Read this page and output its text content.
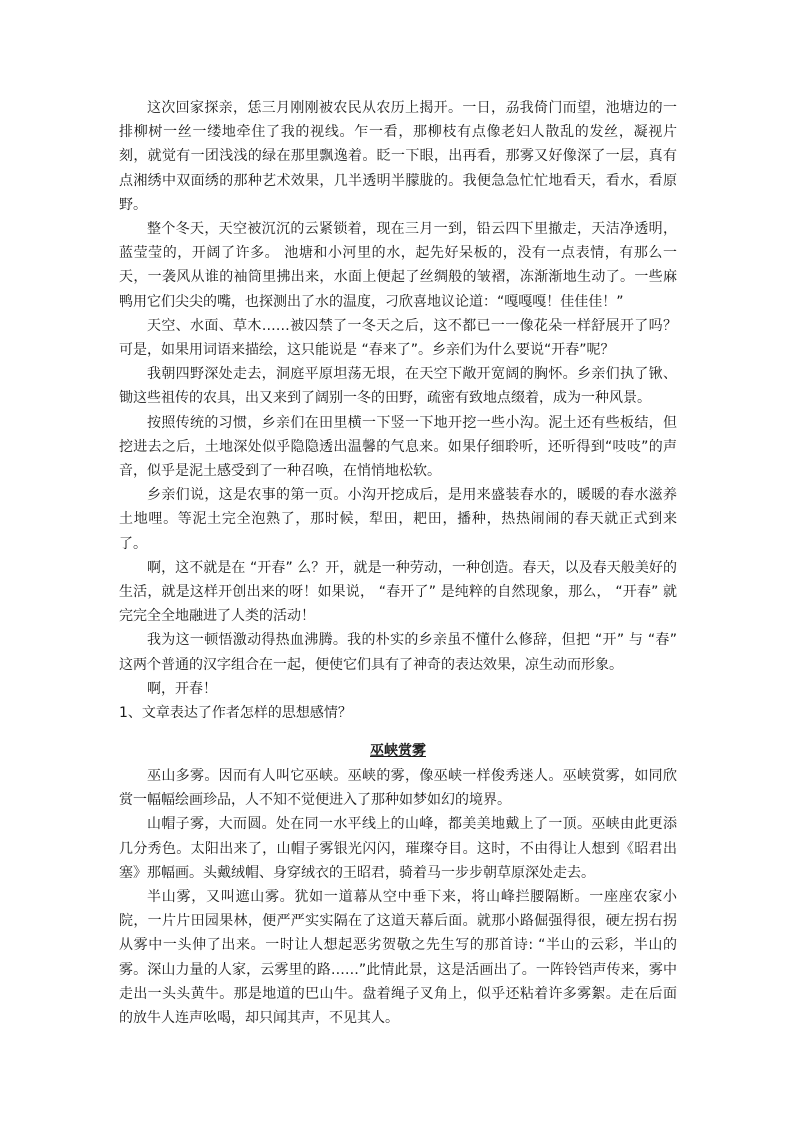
这次回家探亲，恁三月刚刚被农民从农历上揭开。一日，刕我倚门而望，池塘边的一排柳树一丝一缕地牵住了我的视线。乍一看，那柳枝有点像老妇人散乱的发丝，凝视片刻，就觉有一团浅浅的绿在那里飘逸着。眨一下眼，出再看，那雾又好像深了一层，真有点湘绣中双面绣的那种艺术效果，几半透明半朦胧的。我便急急忙忙地看天，看水，看原野。

整个冬天，天空被沉沉的云紧锁着，现在三月一到，铅云四下里撤走，天洁净透明，蓝莹莹的，开阔了许多。 池塘和小河里的水，起先好呆板的，没有一点表情，有那么一天，一袭风从谁的袖筒里拂出来，水面上便起了丝绸般的皱褶，冻渐渐地生动了。一些麻鸭用它们尖尖的嘴，也探测出了水的温度，刁欣喜地议论道：“嘎嘎嘎！佳佳佳！”

天空、水面、草木……被囚禁了一冬天之后，这不都已一一像花朵一样舒展开了吗？可是，如果用词语来描绘，这只能说是 “春来了”。乡亲们为什么要说“开春”呢？

我朝四野深处走去，洞庭平原坦荡无垠，在天空下敞开宽阔的胸怀。乡亲们执了锹、锄这些祖传的农具，出又来到了阔别一冬的田野，疏密有致地点缀着，成为一种风景。

按照传统的习惯，乡亲们在田里横一下竖一下地开挖一些小沟。泥土还有些板结，但挖进去之后，土地深处似乎隐隐透出温馨的气息来。如果仔细聆听，还听得到“吱吱”的声音，似乎是泥土感受到了一种召唤，在悄悄地松软。

乡亲们说，这是农事的第一页。小沟开挖成后，是用来盛装春水的，暖暖的春水滋养土地哩。等泥土完全泡熟了，那时候，犁田，耙田，播种，热热闹闹的春天就正式到来了。

啊，这不就是在 “开春” 么？开，就是一种劳动，一种创造。春天，以及春天般美好的生活，就是这样开创出来的呀！如果说， “春开了” 是纯粹的自然现象，那么， “开春” 就完完全全地融进了人类的活动！

我为这一顿悟激动得热血沸腾。我的朴实的乡亲虽不懂什么修辞，但把 “开” 与 “春” 这两个普通的汉字组合在一起，便使它们具有了神奇的表达效果，凉生动而形象。

啊，开春！

1、文章表达了作者怎样的思想感情？

巫峡赏雾

巫山多雾。因而有人叫它巫峡。巫峡的雾，像巫峡一样俊秀迷人。巫峡赏雾，如同欣赏一幅幅绘画珍品，人不知不觉便进入了那种如梦如幻的境界。

山帽子雾，大而圆。处在同一水平线上的山峰，都美美地戴上了一顶。巫峡由此更添几分秀色。太阳出来了，山帽子雾银光闪闪，璀璨夺目。这时，不由得让人想到《昭君出塞》那幅画。头戴绒帽、身穿绒衣的王昭君，骑着马一步步朝草原深处走去。

半山雾，又叫遮山雾。犹如一道幕从空中垂下来，将山峰拦腰隔断。一座座农家小院，一片片田园果林，便严严实实隔在了这道天幕后面。就那小路倔强得很，硬左拐右拐从雾中一头伸了出来。一时让人想起恶劣贺敬之先生写的那首诗: “半山的云彩，半山的雾。深山力量的人家，云雾里的路……”此情此景，这是活画出了。一阵铃铛声传来，雾中走出一头头黄牛。那是地道的巴山牛。盘着绳子叉角上，似乎还粘着许多雾絮。走在后面的放牛人连声吆喝，却只闻其声，不见其人。
